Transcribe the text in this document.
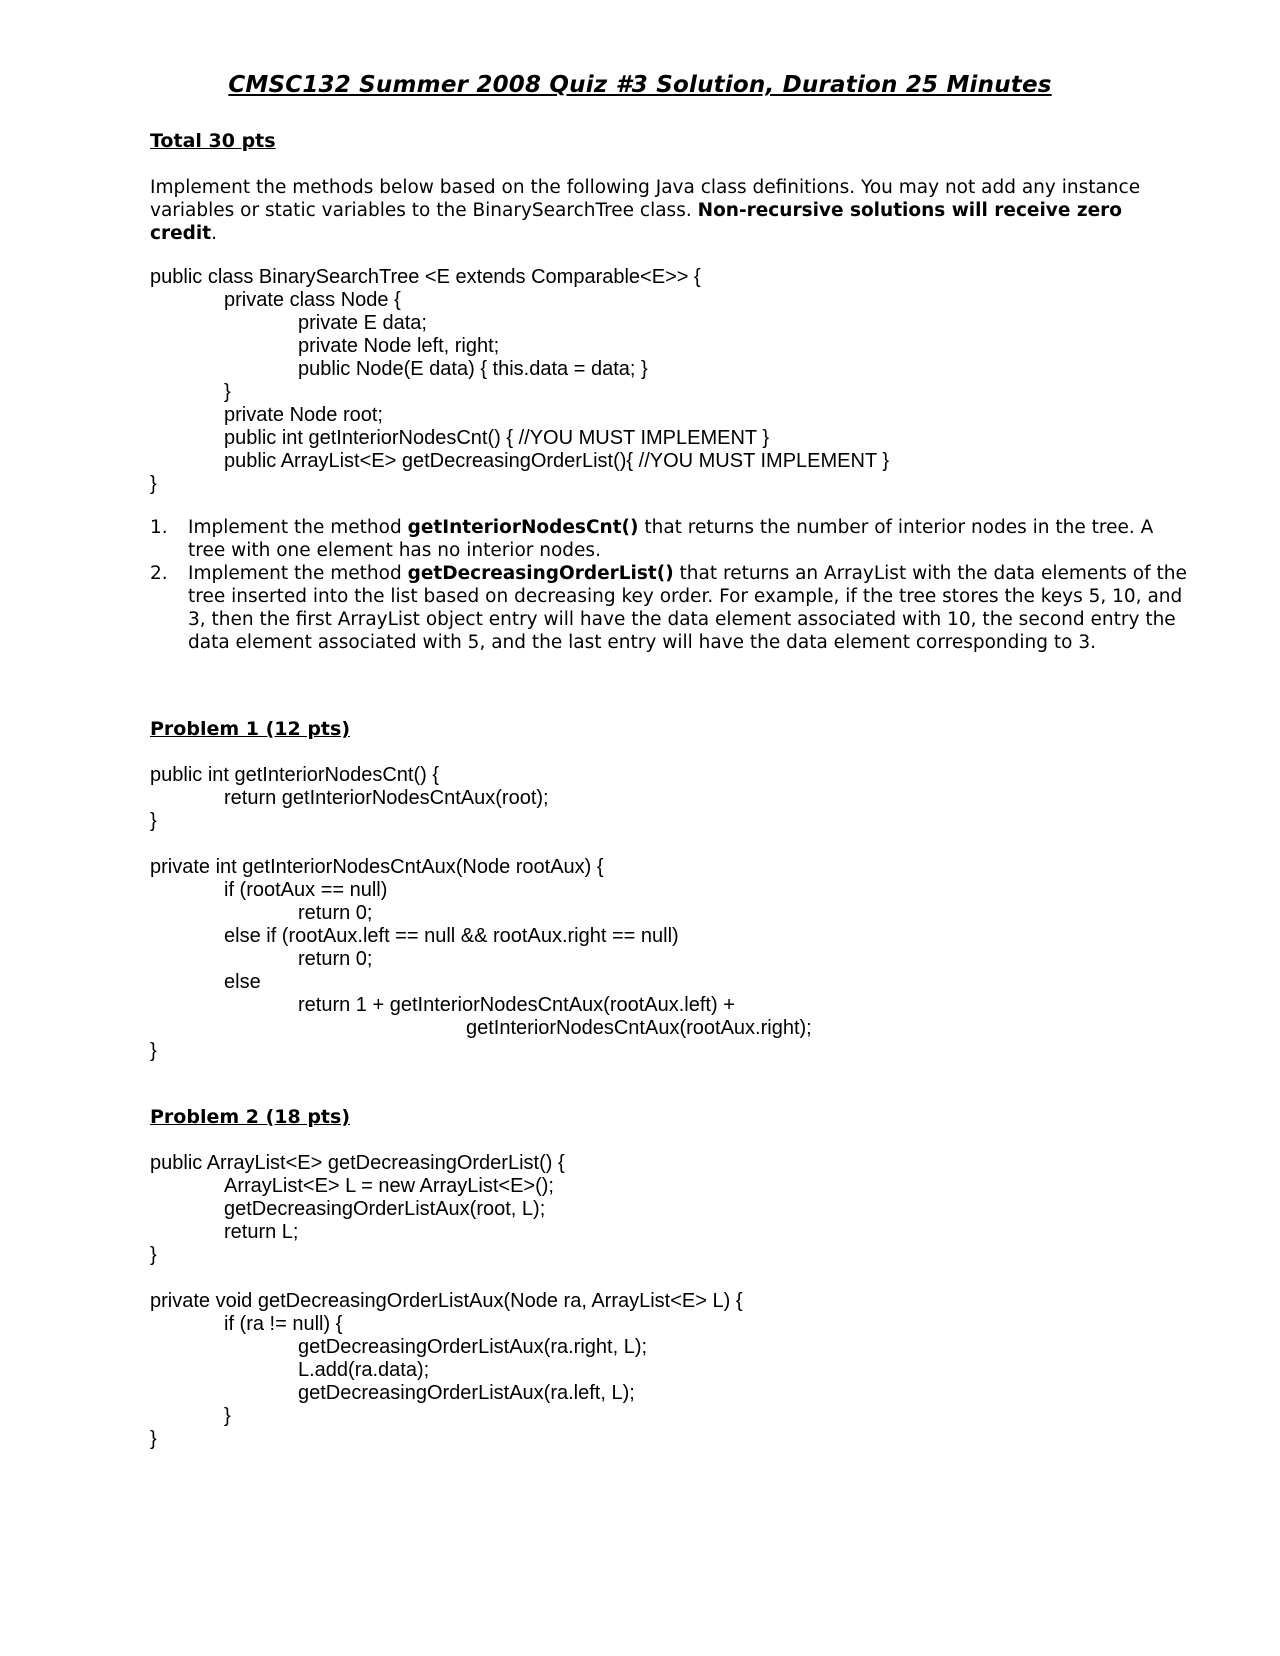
CMSC132 Summer 2008 Quiz #3 Solution, Duration 25 Minutes
Total 30 pts
Implement the methods below based on the following Java class definitions. You may not add any instance variables or static variables to the BinarySearchTree class. Non-recursive solutions will receive zero credit.
public class BinarySearchTree <E extends Comparable<E>> {
private class Node {
private E data;
private Node left, right;
public Node(E data) { this.data = data; }
}
private Node root;
public int getInteriorNodesCnt() { //YOU MUST IMPLEMENT }
public ArrayList<E> getDecreasingOrderList(){ //YOU MUST IMPLEMENT }
}
1. Implement the method getInteriorNodesCnt() that returns the number of interior nodes in the tree. A tree with one element has no interior nodes.
2. Implement the method getDecreasingOrderList() that returns an ArrayList with the data elements of the tree inserted into the list based on decreasing key order. For example, if the tree stores the keys 5, 10, and 3, then the first ArrayList object entry will have the data element associated with 10, the second entry the data element associated with 5, and the last entry will have the data element corresponding to 3.
Problem 1 (12 pts)
public int getInteriorNodesCnt() {
return getInteriorNodesCntAux(root);
}
private int getInteriorNodesCntAux(Node rootAux) {
if (rootAux == null)
return 0;
else if (rootAux.left == null && rootAux.right == null)
return 0;
else
return 1 + getInteriorNodesCntAux(rootAux.left) +
getInteriorNodesCntAux(rootAux.right);
}
Problem 2 (18 pts)
public ArrayList<E> getDecreasingOrderList() {
ArrayList<E> L = new ArrayList<E>();
getDecreasingOrderListAux(root, L);
return L;
}
private void getDecreasingOrderListAux(Node ra, ArrayList<E> L) {
if (ra != null) {
getDecreasingOrderListAux(ra.right, L);
L.add(ra.data);
getDecreasingOrderListAux(ra.left, L);
}
}
